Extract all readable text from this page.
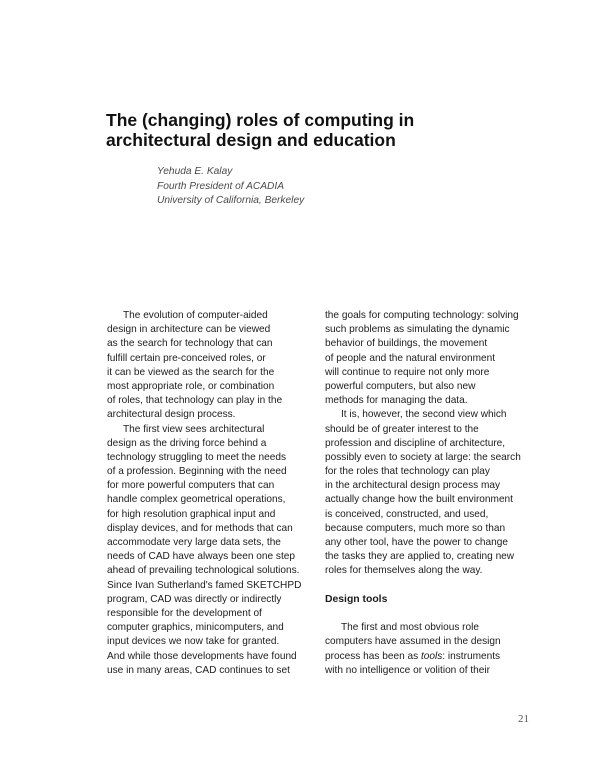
The (changing) roles of computing in
architectural design and education
Yehuda E. Kalay
Fourth President of ACADIA
University of California, Berkeley
The evolution of computer-aided
design in architecture can be viewed
as the search for technology that can
fulfill certain pre-conceived roles, or
it can be viewed as the search for the
most appropriate role, or combination
of roles, that technology can play in the
architectural design process.
The first view sees architectural
design as the driving force behind a
technology struggling to meet the needs
of a profession. Beginning with the need
for more powerful computers that can
handle complex geometrical operations,
for high resolution graphical input and
display devices, and for methods that can
accommodate very large data sets, the
needs of CAD have always been one step
ahead of prevailing technological solutions.
Since Ivan Sutherland's famed SKETCHPD
program, CAD was directly or indirectly
responsible for the development of
computer graphics, minicomputers, and
input devices we now take for granted.
And while those developments have found
use in many areas, CAD continues to set
the goals for computing technology: solving
such problems as simulating the dynamic
behavior of buildings, the movement
of people and the natural environment
will continue to require not only more
powerful computers, but also new
methods for managing the data.
It is, however, the second view which
should be of greater interest to the
profession and discipline of architecture,
possibly even to society at large: the search
for the roles that technology can play
in the architectural design process may
actually change how the built environment
is conceived, constructed, and used,
because computers, much more so than
any other tool, have the power to change
the tasks they are applied to, creating new
roles for themselves along the way.
Design tools
The first and most obvious role
computers have assumed in the design
process has been as tools: instruments
with no intelligence or volition of their
21
